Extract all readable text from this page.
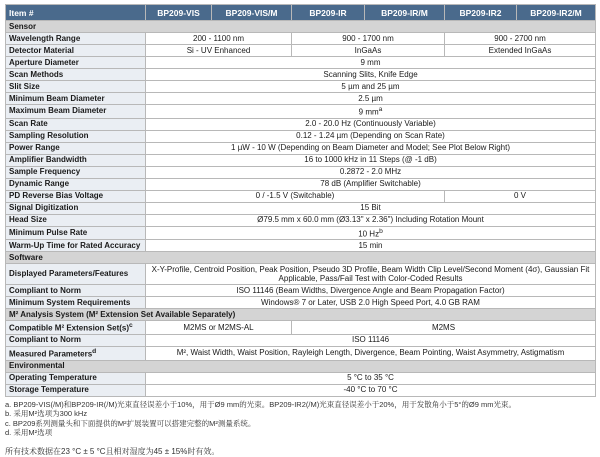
Item #	BP209-VIS	BP209-VIS/M	BP209-IR	BP209-IR/M	BP209-IR2	BP209-IR2/M
Sensor						
Wavelength Range	200 - 1100 nm		900 - 1700 nm		900 - 2700 nm	
Detector Material	Si - UV Enhanced		InGaAs		Extended InGaAs	
Aperture Diameter	9 mm					
Scan Methods	Scanning Slits, Knife Edge					
Slit Size	5 µm and 25 µm					
Minimum Beam Diameter	2.5 µm					
Maximum Beam Diameter	9 $mm^a$
Scan Rate	2.0 - 20.0 Hz (Continuously Variable)					
Sampling Resolution	0.12 - 1.24 µm (Depending on Scan Rate)					
Power Range	1 µW - 10 W (Depending on Beam Diameter and Model; See Plot Below Right)					
Amplifier Bandwidth	16 to 1000 kHz in 11 Steps (@ -1 dB)					
Sample Frequency	0.2872 - 2.0 MHz					
Dynamic Range	78 dB (Amplifier Switchable)					
PD Reverse Bias Voltage	0 / -1.5 V (Switchable)				0 V	
Signal Digitization	15 Bit					
Head Size	Ø79.5 mm x 60.0 mm (Ø3.13" x 2.36") Including Rotation Mount					
Minimum Pulse Rate	10 Hz$^b$
Warm-Up Time for Rated Accuracy	15 min					
Software						
Displayed Parameters/Features	X-Y-Profile, Centroid Position, Peak Position, Pseudo 3D Profile, Beam Width Clip Level/Second Moment (4σ), Gaussian Fit Applicable, Pass/Fail Test with Color-Coded Results					
Compliant to Norm	ISO 11146 (Beam Widths, Divergence Angle and Beam Propagation Factor)					
Minimum System Requirements	Windows® 7 or Later, USB 2.0 High Speed Port, 4.0 GB RAM					
M² Analysis System (M² Extension Set Available Separately)						
Compatible M² Extension $Set(s)^c$	M2MS or M2MS-AL		M2MS			
Compliant to Norm	ISO 11146					
Measured Parameters$^d$	M², Waist Width, Waist Position, Rayleigh Length, Divergence, Beam Pointing, Waist Asymmetry, Astigmatism					
Environmental						
Operating Temperature	5 °C to 35 °C					
Storage Temperature	-40 °C to 70 °C					
a. BP209-VIS(/M)和BP209-IR(/M)光束直径误差小于10%，用于Ø9 mm的光束。BP209-IR2(/M)光束直径误差小于20%，用于发散角小于5°的Ø9 mm光束。
b. 采用M²选项为300 kHz
c. BP209系列测量头和下面提供的M²扩展装置可以搭建完整的M²测量系统。
d. 采用M²选项
所有技术数据在23 °C ± 5 °C且相对湿度为45 ± 15%时有效。
